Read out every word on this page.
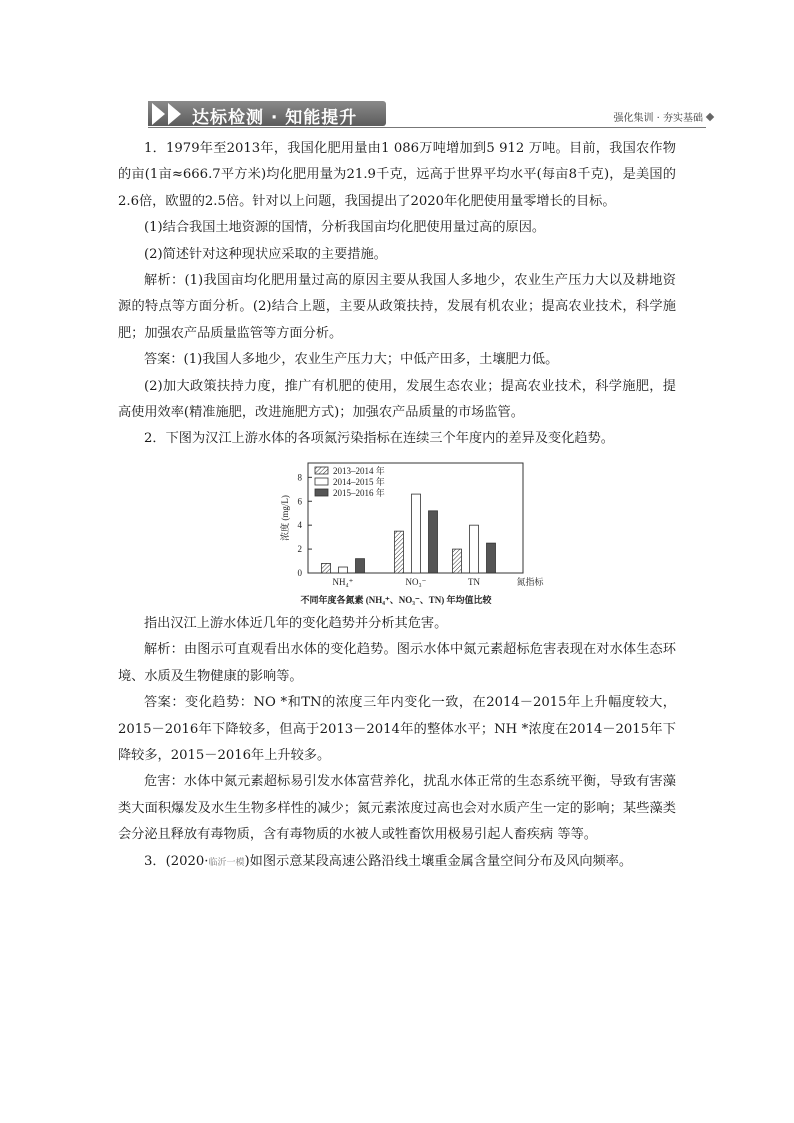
达标检测 · 知能提升	强化集训 · 夯实基础

1．1979年至2013年，我国化肥用量由1 086万吨增加到5 912 万吨。目前，我国农作物的亩(1亩≈666.7平方米)均化肥用量为21.9千克，远高于世界平均水平(每亩8千克)，是美国的2.6倍，欧盟的2.5倍。针对以上问题，我国提出了2020年化肥使用量零增长的目标。

(1)结合我国土地资源的国情，分析我国亩均化肥使用量过高的原因。

(2)简述针对这种现状应采取的主要措施。

解析：(1)我国亩均化肥用量过高的原因主要从我国人多地少，农业生产压力大以及耕地资源的特点等方面分析。(2)结合上题，主要从政策扶持，发展有机农业；提高农业技术，科学施肥；加强农产品质量监管等方面分析。

答案：(1)我国人多地少，农业生产压力大；中低产田多，土壤肥力低。

(2)加大政策扶持力度，推广有机肥的使用，发展生态农业；提高农业技术，科学施肥，提高使用效率(精准施肥，改进施肥方式)；加强农产品质量的市场监管。

2．下图为汉江上游水体的各项氮污染指标在连续三个年度内的差异及变化趋势。

0
2
4
6
8
浓度 (mg/L)
NH₄⁺	NO₃⁻	TN	氮指标
2013–2014 年
2014–2015 年
2015–2016 年
不同年度各氮素 (NH₄⁺、NO₃⁻、TN) 年均值比较

指出汉江上游水体近几年的变化趋势并分析其危害。

解析：由图示可直观看出水体的变化趋势。图示水体中氮元素超标危害表现在对水体生态环境、水质及生物健康的影响等。

答案：变化趋势：NO *和TN的浓度三年内变化一致，在2014－2015年上升幅度较大，2015－2016年下降较多，但高于2013－2014年的整体水平；NH *浓度在2014－2015年下降较多，2015－2016年上升较多。

危害：水体中氮元素超标易引发水体富营养化，扰乱水体正常的生态系统平衡，导致有害藻类大面积爆发及水生生物多样性的减少；氮元素浓度过高也会对水质产生一定的影响；某些藻类会分泌且释放有毒物质，含有毒物质的水被人或牲畜饮用极易引起人畜疾病 等等。

3．(2020·临沂一模)如图示意某段高速公路沿线土壤重金属含量空间分布及风向频率。
